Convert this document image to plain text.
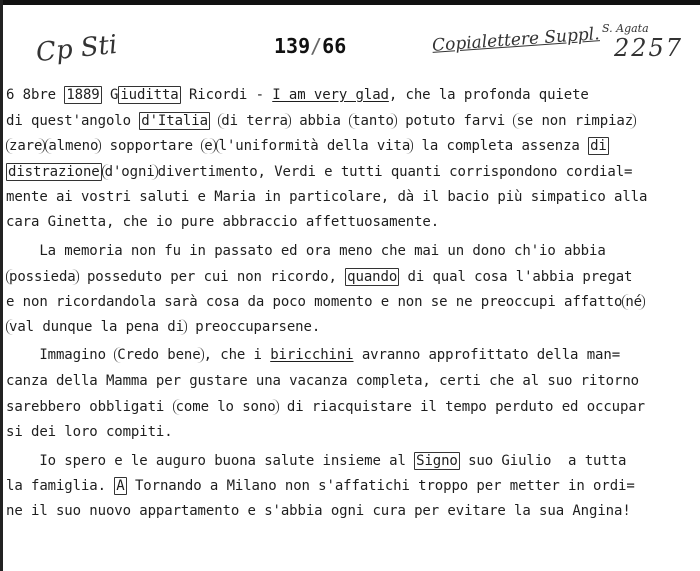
Cp Sti	139/66	Copialettere Suppl. S. Agata
2257
6 8bre 1889 G iuditta Ricordi - I am very glad, che la profonda quiete
di quest'angolo d'Italia di terra abbia tanto potuto farvi se non rimpiaz
zare almeno sopportare e l'uniformità della vita la completa assenza di
distrazione d'ogni divertimento, Verdi e tutti quanti corrispondono cordial=
mente ai vostri saluti e Maria in particolare, dà il bacio più simpatico alla
cara Ginetta, che io pure abbraccio affettuosamente.
La memoria non fu in passato ed ora meno che mai un dono ch'io abbia
possieda posseduto per cui non ricordo, quando di qual cosa l'abbia pregat
e non ricordandola sarà cosa da poco momento e non se ne preoccupi affatto né
val dunque la pena di preoccuparsene.
Immagino Credo bene , che i biricchini avranno approfittato della man=
canza della Mamma per gustare una vacanza completa, certi che al suo ritorno
sarebbero obbligati come lo sono di riacquistare il tempo perduto ed occupar
si dei loro compiti.
Io spero e le auguro buona salute insieme al Signo suo Giulio  a tutta
la famiglia. A Tornando a Milano non s'affatichi troppo per metter in ordi=
ne il suo nuovo appartamento e s'abbia ogni cura per evitare la sua Angina!
